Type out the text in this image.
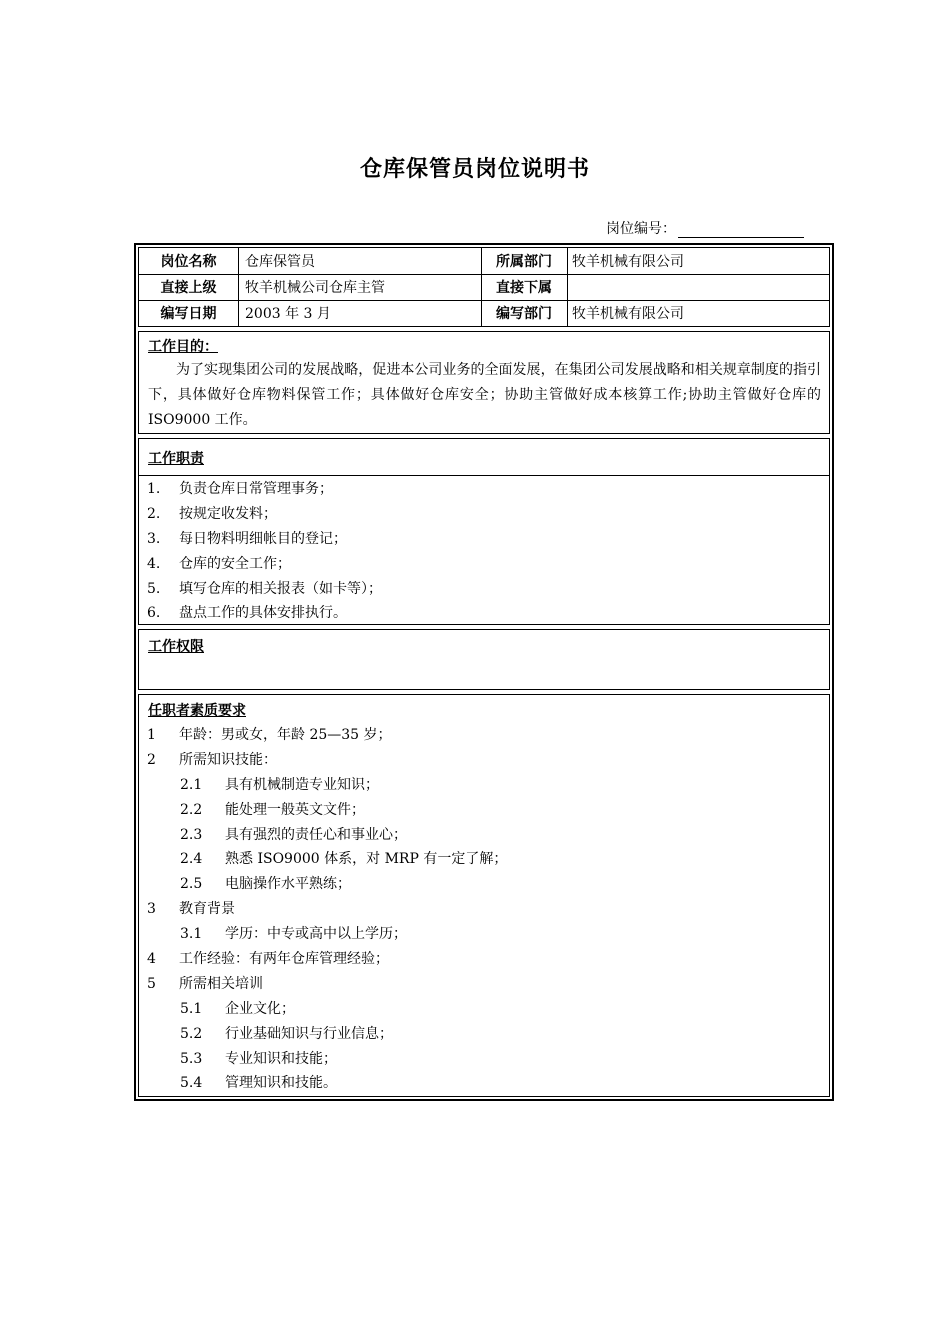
仓库保管员岗位说明书
岗位编号：
岗位名称	仓库保管员	所属部门	牧羊机械有限公司
直接上级	牧羊机械公司仓库主管	直接下属
编写日期	2003 年 3 月	编写部门	牧羊机械有限公司
工作目的：
为了实现集团公司的发展战略，促进本公司业务的全面发展，在集团公司发展战略和相关规章制度的指引下，具体做好仓库物料保管工作；具体做好仓库安全；协助主管做好成本核算工作;协助主管做好仓库的 ISO9000 工作。
工作职责
1. 负责仓库日常管理事务；
2. 按规定收发料；
3. 每日物料明细帐目的登记；
4. 仓库的安全工作；
5. 填写仓库的相关报表（如卡等）；
6. 盘点工作的具体安排执行。
工作权限
任职者素质要求
1 年龄：男或女，年龄 25—35 岁；
2 所需知识技能：
2.1 具有机械制造专业知识；
2.2 能处理一般英文文件；
2.3 具有强烈的责任心和事业心；
2.4 熟悉 ISO9000 体系，对 MRP 有一定了解；
2.5 电脑操作水平熟练；
3 教育背景
3.1 学历：中专或高中以上学历；
4 工作经验：有两年仓库管理经验；
5 所需相关培训
5.1 企业文化；
5.2 行业基础知识与行业信息；
5.3 专业知识和技能；
5.4 管理知识和技能。
